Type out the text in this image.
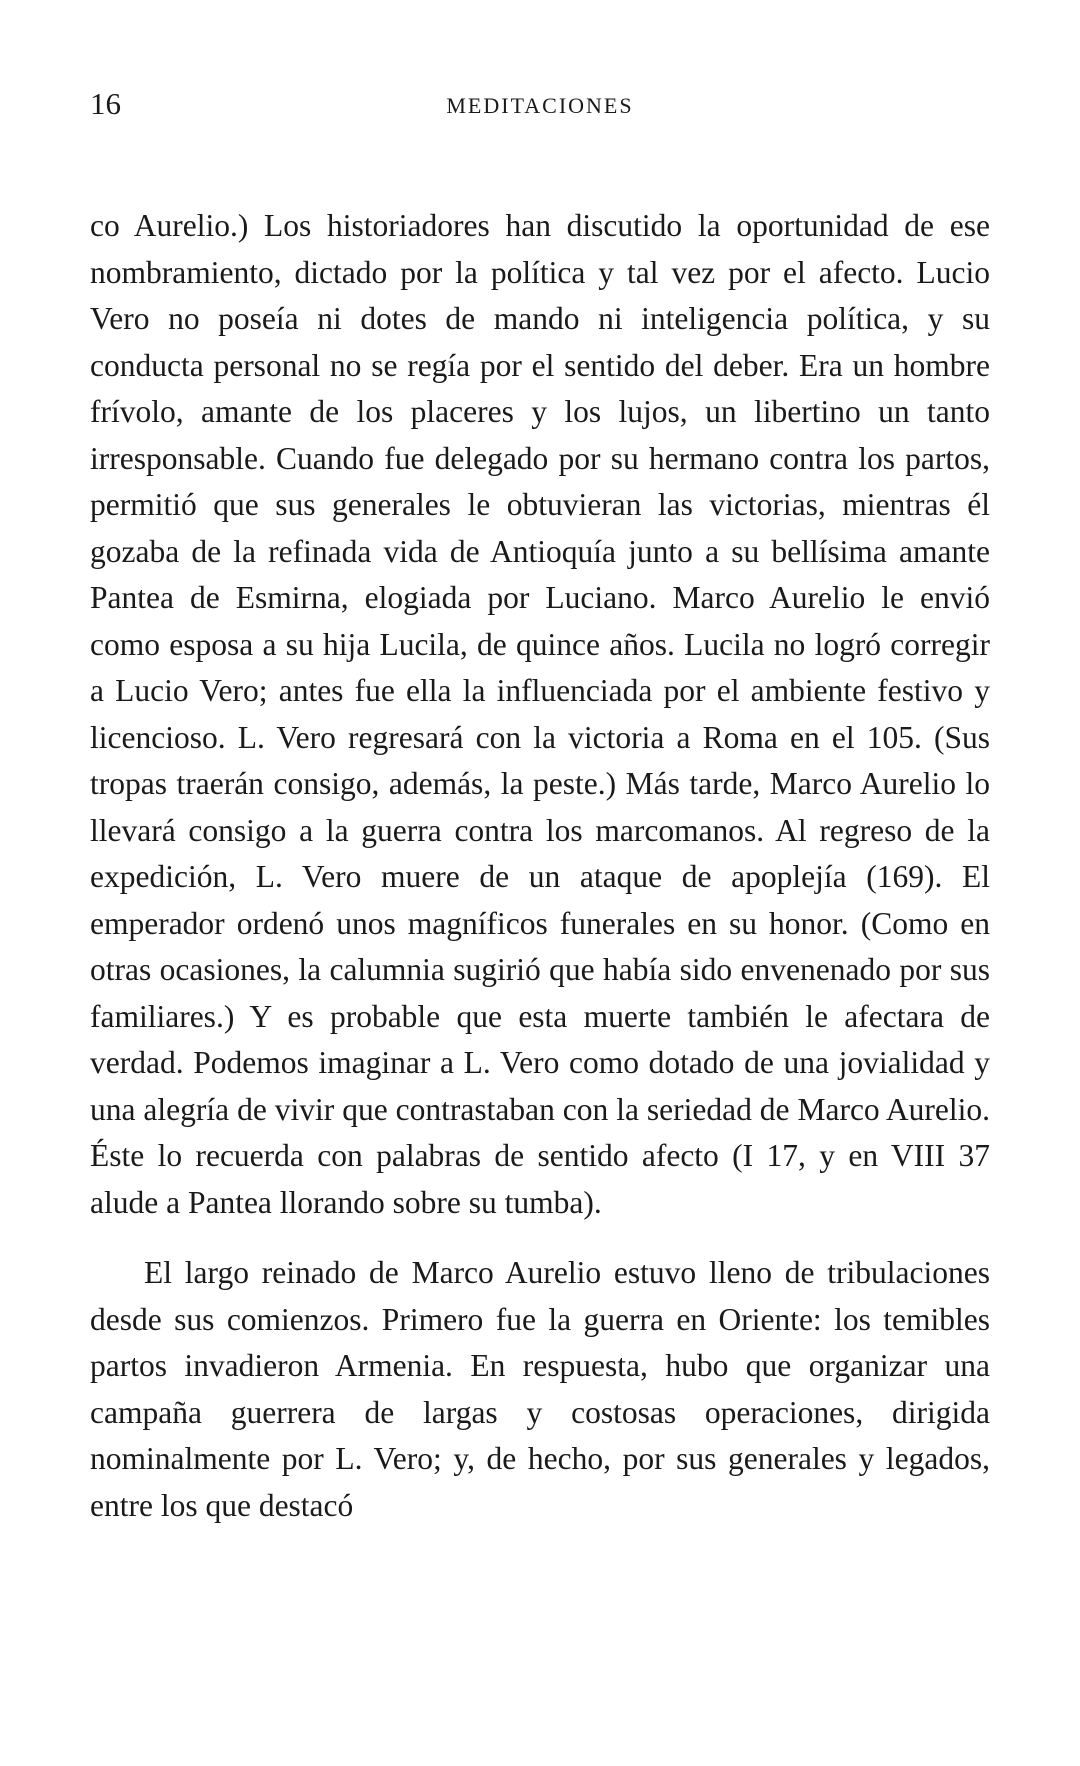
16	MEDITACIONES

co Aurelio.) Los historiadores han discutido la oportunidad de ese nombramiento, dictado por la política y tal vez por el afecto. Lucio Vero no poseía ni dotes de mando ni inteligencia política, y su conducta personal no se regía por el sentido del deber. Era un hombre frívolo, amante de los placeres y los lujos, un libertino un tanto irresponsable. Cuando fue delegado por su hermano contra los partos, permitió que sus generales le obtuvieran las victorias, mientras él gozaba de la refinada vida de Antioquía junto a su bellísima amante Pantea de Esmirna, elogiada por Luciano. Marco Aurelio le envió como esposa a su hija Lucila, de quince años. Lucila no logró corregir a Lucio Vero; antes fue ella la influenciada por el ambiente festivo y licencioso. L. Vero regresará con la victoria a Roma en el 105. (Sus tropas traerán consigo, además, la peste.) Más tarde, Marco Aurelio lo llevará consigo a la guerra contra los marcomanos. Al regreso de la expedición, L. Vero muere de un ataque de apoplejía (169). El emperador ordenó unos magníficos funerales en su honor. (Como en otras ocasiones, la calumnia sugirió que había sido envenenado por sus familiares.) Y es probable que esta muerte también le afectara de verdad. Podemos imaginar a L. Vero como dotado de una jovialidad y una alegría de vivir que contrastaban con la seriedad de Marco Aurelio. Éste lo recuerda con palabras de sentido afecto (I 17, y en VIII 37 alude a Pantea llorando sobre su tumba).

El largo reinado de Marco Aurelio estuvo lleno de tribulaciones desde sus comienzos. Primero fue la guerra en Oriente: los temibles partos invadieron Armenia. En respuesta, hubo que organizar una campaña guerrera de largas y costosas operaciones, dirigida nominalmente por L. Vero; y, de hecho, por sus generales y legados, entre los que destacó
